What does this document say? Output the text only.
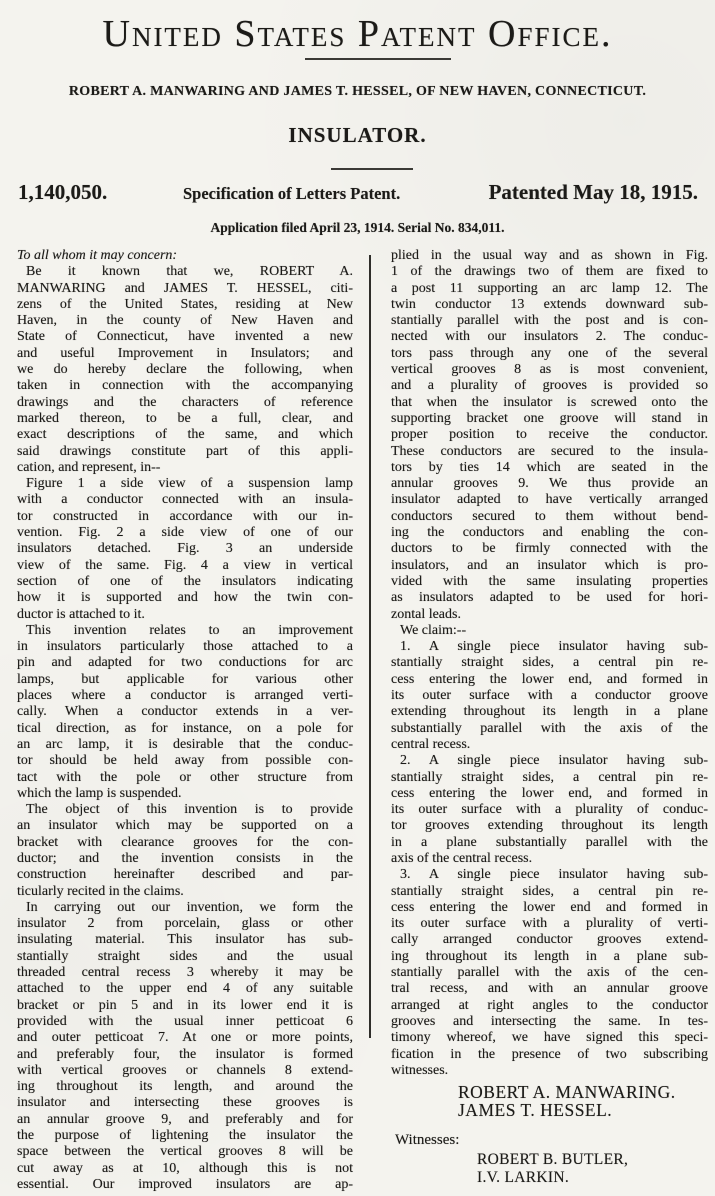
United States Patent Office.
ROBERT A. MANWARING AND JAMES T. HESSEL, OF NEW HAVEN, CONNECTICUT.
INSULATOR.
1,140,050.	Specification of Letters Patent.	Patented May 18, 1915.
Application filed April 23, 1914. Serial No. 834,011.
To all whom it may concern:
Be it known that we, ROBERT A.
MANWARING and JAMES T. HESSEL, citi-
zens of the United States, residing at New
Haven, in the county of New Haven and
State of Connecticut, have invented a new
and useful Improvement in Insulators; and
we do hereby declare the following, when
taken in connection with the accompanying
drawings and the characters of reference
marked thereon, to be a full, clear, and
exact descriptions of the same, and which
said drawings constitute part of this appli-
cation, and represent, in--
Figure 1 a side view of a suspension lamp
with a conductor connected with an insula-
tor constructed in accordance with our in-
vention. Fig. 2 a side view of one of our
insulators detached. Fig. 3 an underside
view of the same. Fig. 4 a view in vertical
section of one of the insulators indicating
how it is supported and how the twin con-
ductor is attached to it.
This invention relates to an improvement
in insulators particularly those attached to a
pin and adapted for two conductions for arc
lamps, but applicable for various other
places where a conductor is arranged verti-
cally. When a conductor extends in a ver-
tical direction, as for instance, on a pole for
an arc lamp, it is desirable that the conduc-
tor should be held away from possible con-
tact with the pole or other structure from
which the lamp is suspended.
The object of this invention is to provide
an insulator which may be supported on a
bracket with clearance grooves for the con-
ductor; and the invention consists in the
construction hereinafter described and par-
ticularly recited in the claims.
In carrying out our invention, we form the
insulator 2 from porcelain, glass or other
insulating material. This insulator has sub-
stantially straight sides and the usual
threaded central recess 3 whereby it may be
attached to the upper end 4 of any suitable
bracket or pin 5 and in its lower end it is
provided with the usual inner petticoat 6
and outer petticoat 7. At one or more points,
and preferably four, the insulator is formed
with vertical grooves or channels 8 extend-
ing throughout its length, and around the
insulator and intersecting these grooves is
an annular groove 9, and preferably and for
the purpose of lightening the insulator the
space between the vertical grooves 8 will be
cut away as at 10, although this is not
essential. Our improved insulators are ap-
plied in the usual way and as shown in Fig.
1 of the drawings two of them are fixed to
a post 11 supporting an arc lamp 12. The
twin conductor 13 extends downward sub-
stantially parallel with the post and is con-
nected with our insulators 2. The conduc-
tors pass through any one of the several
vertical grooves 8 as is most convenient,
and a plurality of grooves is provided so
that when the insulator is screwed onto the
supporting bracket one groove will stand in
proper position to receive the conductor.
These conductors are secured to the insula-
tors by ties 14 which are seated in the
annular grooves 9. We thus provide an
insulator adapted to have vertically arranged
conductors secured to them without bend-
ing the conductors and enabling the con-
ductors to be firmly connected with the
insulators, and an insulator which is pro-
vided with the same insulating properties
as insulators adapted to be used for hori-
zontal leads.
We claim:--
1. A single piece insulator having sub-
stantially straight sides, a central pin re-
cess entering the lower end, and formed in
its outer surface with a conductor groove
extending throughout its length in a plane
substantially parallel with the axis of the
central recess.
2. A single piece insulator having sub-
stantially straight sides, a central pin re-
cess entering the lower end, and formed in
its outer surface with a plurality of conduc-
tor grooves extending throughout its length
in a plane substantially parallel with the
axis of the central recess.
3. A single piece insulator having sub-
stantially straight sides, a central pin re-
cess entering the lower end and formed in
its outer surface with a plurality of verti-
cally arranged conductor grooves extend-
ing throughout its length in a plane sub-
stantially parallel with the axis of the cen-
tral recess, and with an annular groove
arranged at right angles to the conductor
grooves and intersecting the same. In tes-
timony whereof, we have signed this speci-
fication in the presence of two subscribing
witnesses.
ROBERT A. MANWARING.
JAMES T. HESSEL.
Witnesses:
ROBERT B. BUTLER,
I.V. LARKIN.
